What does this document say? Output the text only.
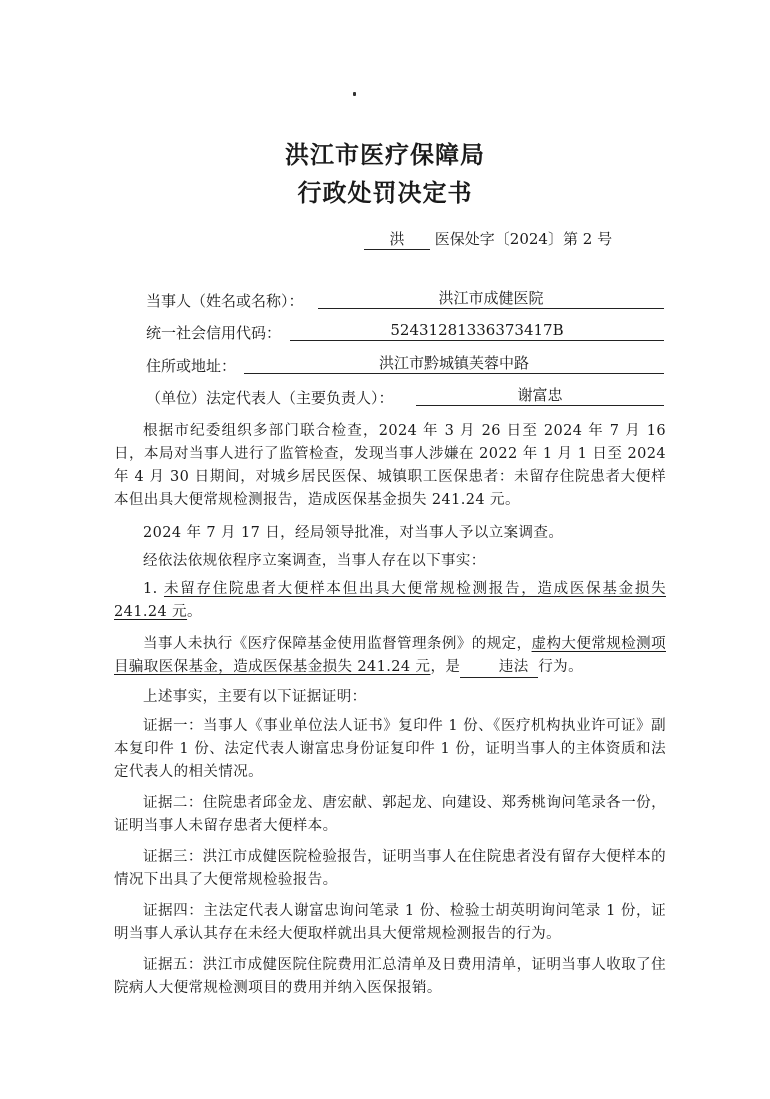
洪江市医疗保障局
行政处罚决定书
洪 医保处字〔2024〕第 2 号
当事人（姓名或名称）：	洪江市成健医院
统一社会信用代码：	52431281336373417B
住所或地址：	洪江市黔城镇芙蓉中路
（单位）法定代表人（主要负责人）：	谢富忠
根据市纪委组织多部门联合检查，2024 年 3 月 26 日至 2024 年 7 月 16 日，本局对当事人进行了监管检查，发现当事人涉嫌在 2022 年 1 月 1 日至 2024 年 4 月 30 日期间，对城乡居民医保、城镇职工医保患者：未留存住院患者大便样本但出具大便常规检测报告，造成医保基金损失 241.24 元。
2024 年 7 月 17 日，经局领导批准，对当事人予以立案调查。
经依法依规依程序立案调查，当事人存在以下事实：
1. 未留存住院患者大便样本但出具大便常规检测报告，造成医保基金损失 241.24 元。
当事人未执行《医疗保障基金使用监督管理条例》的规定，虚构大便常规检测项目骗取医保基金，造成医保基金损失 241.24 元，是	违法 行为。
上述事实，主要有以下证据证明：
证据一：当事人《事业单位法人证书》复印件 1 份、《医疗机构执业许可证》副本复印件 1 份、法定代表人谢富忠身份证复印件 1 份，证明当事人的主体资质和法定代表人的相关情况。
证据二：住院患者邱金龙、唐宏献、郭起龙、向建设、郑秀桃询问笔录各一份，证明当事人未留存患者大便样本。
证据三：洪江市成健医院检验报告，证明当事人在住院患者没有留存大便样本的情况下出具了大便常规检验报告。
证据四：主法定代表人谢富忠询问笔录 1 份、检验士胡英明询问笔录 1 份，证明当事人承认其存在未经大便取样就出具大便常规检测报告的行为。
证据五：洪江市成健医院住院费用汇总清单及日费用清单，证明当事人收取了住院病人大便常规检测项目的费用并纳入医保报销。
